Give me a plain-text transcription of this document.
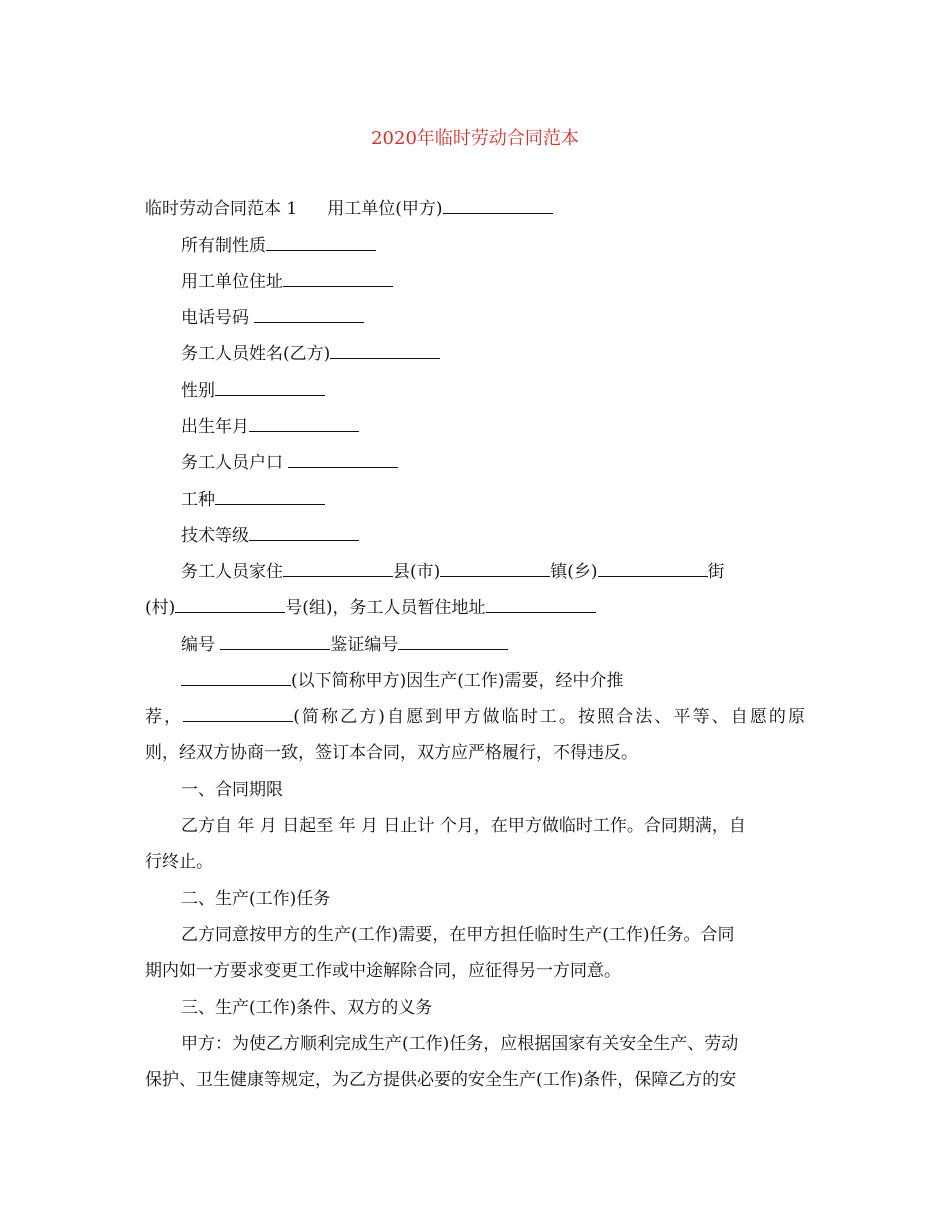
2020年临时劳动合同范本
临时劳动合同范本 1 用工单位(甲方)
所有制性质
用工单位住址
电话号码
务工人员姓名(乙方)
性别
出生年月
务工人员户口
工种
技术等级
务工人员家住	县(市)	镇(乡)	街
(村)	号(组)，务工人员暂住地址
编号	鉴证编号
(以下简称甲方)因生产(工作)需要，经中介推
荐，	(简称乙方)自愿到甲方做临时工。按照合法、平等、自愿的原
则，经双方协商一致，签订本合同，双方应严格履行，不得违反。
一、合同期限
乙方自 年 月 日起至 年 月 日止计 个月，在甲方做临时工作。合同期满，自
行终止。
二、生产(工作)任务
乙方同意按甲方的生产(工作)需要，在甲方担任临时生产(工作)任务。合同
期内如一方要求变更工作或中途解除合同，应征得另一方同意。
三、生产(工作)条件、双方的义务
甲方：为使乙方顺利完成生产(工作)任务，应根据国家有关安全生产、劳动
保护、卫生健康等规定，为乙方提供必要的安全生产(工作)条件，保障乙方的安
